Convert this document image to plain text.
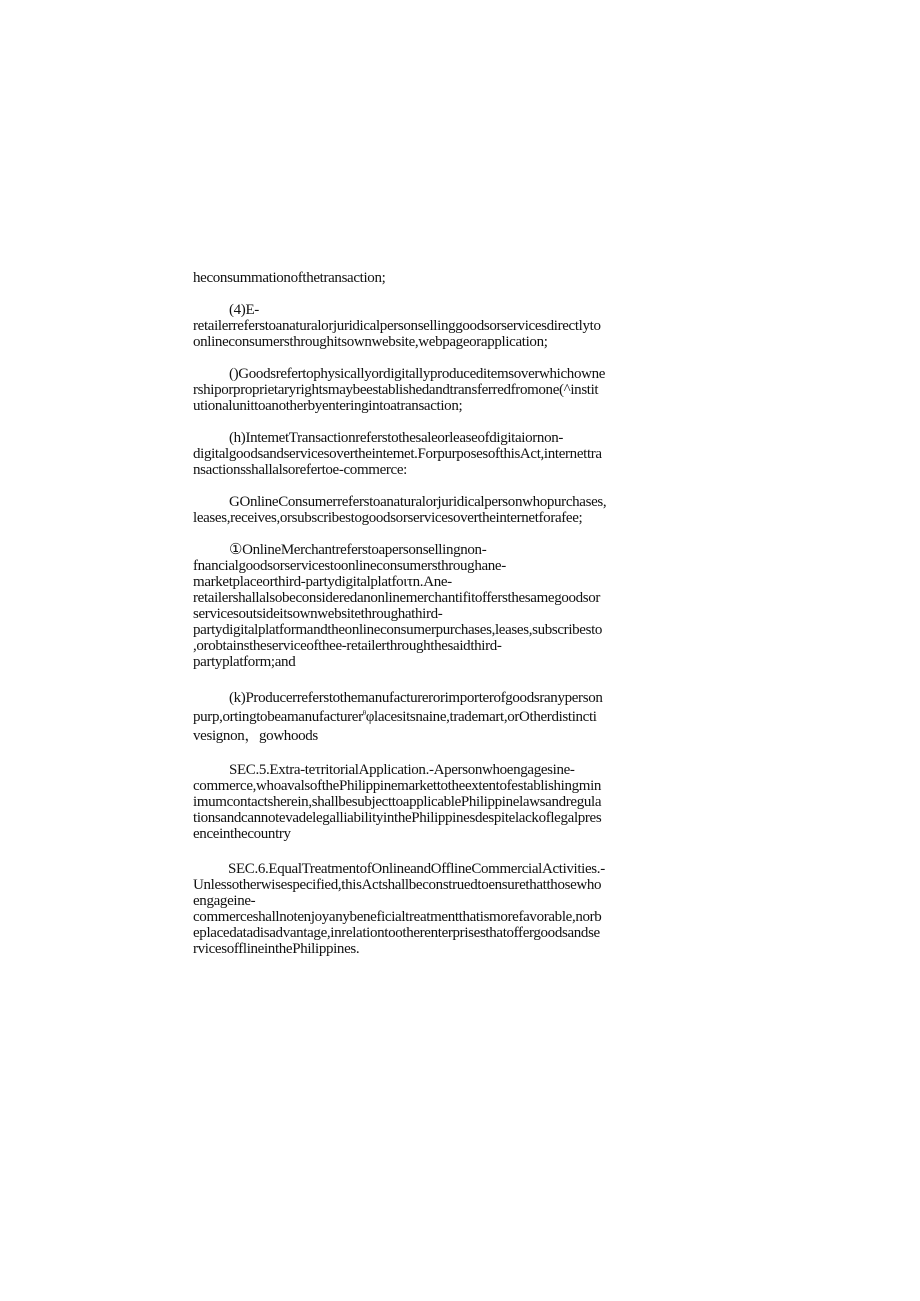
heconsummationofthetransaction;
(4)E-
retailerreferstoanaturalorjuridicalpersonsellinggoodsorservicesdirectlyto
onlineconsumersthroughitsownwebsite,webpageorapplication;
()Goodsrefertophysicallyordigitallyproduceditemsoverwhichowne
rshiporproprietaryrightsmaybeestablishedandtransferredfromone(^instit
utionalunittoanotherbyenteringintoatransaction;
(h)IntemetTransactionreferstothesaleorleaseofdigitaiornon-
digitalgoodsandservicesovertheintemet.ForpurposesofthisAct,internettra
nsactionsshallalsorefertoe-commerce:
GOnlineConsumerreferstoanaturalorjuridicalpersonwhopurchases,
leases,receives,orsubscribestogoodsorservicesovertheinternetforafee;
①OnlineMerchantreferstoapersonsellingnon-
fnancialgoodsorservicestoonlineconsumersthroughane-
marketplaceorthird-partydigitalplatfoιτn.Ane-
retailershallalsobeconsideredanonlinemerchantifitoffersthesamegoodsor
servicesoutsideitsownwebsitethroughathird-
partydigitalplatformandtheonlineconsumerpurchases,leases,subscribesto
,orobtainstheserviceofthee-retailerthroughthesaidthird-
partyplatform;and
(k)Producerreferstothemanufacturerorimporterofgoodsranyperson
purp,ortingtobeamanufacturer$^\theta$φlacesitsnaine,trademart,orOtherdistincti
vesignon，gowhoods
SEC.5.Extra-teτritorialApplication.-Apersonwhoengagesine-
commerce,whoavalsofthePhilippinemarkettotheextentofestablishingmin
imumcontactsherein,shallbesubjecttoapplicablePhilippinelawsandregula
tionsandcannotevadelegalliabilityinthePhilippinesdespitelackoflegalpres
enceinthecountry
SEC.6.EqualTreatmentofOnlineandOfflineCommercialActivities.-
Unlessotherwisespecified,thisActshallbeconstruedtoensurethatthosewho
engageine-
commerceshallnotenjoyanybeneficialtreatmentthatismorefavorable,norb
eplacedatadisadvantage,inrelationtootherenterprisesthatoffergoodsandse
rvicesofflineinthePhilippines.
